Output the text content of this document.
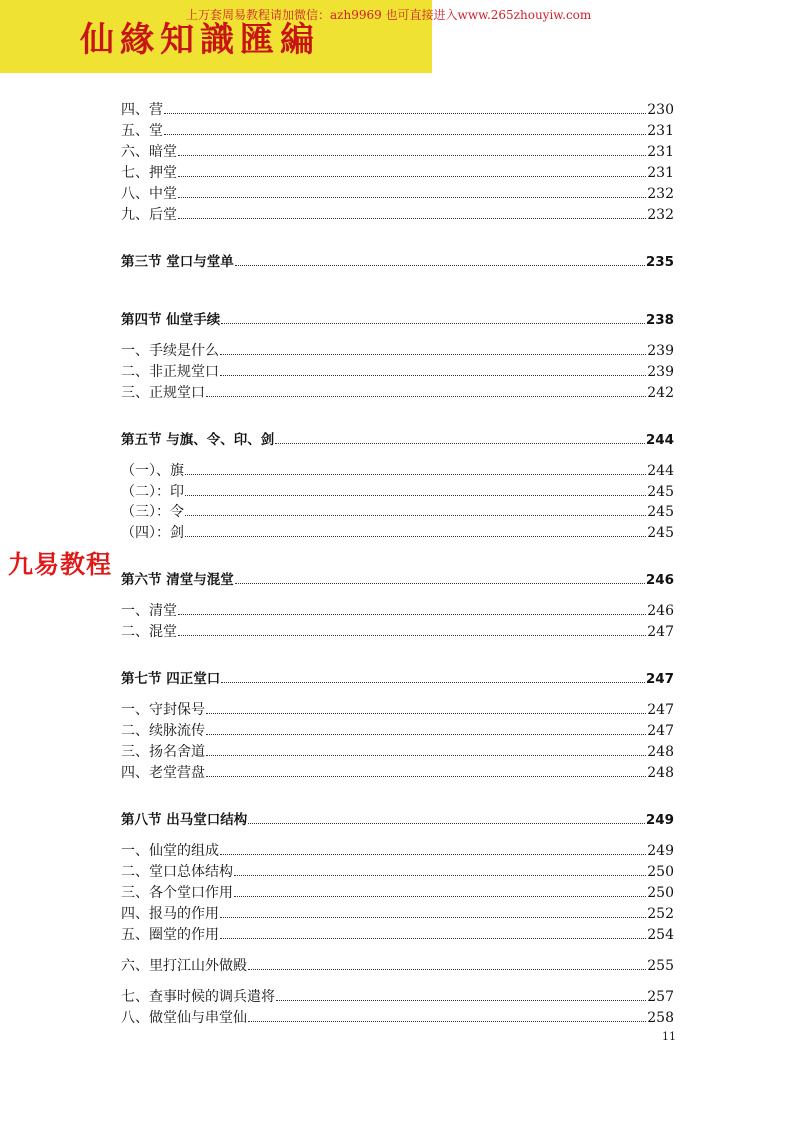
仙緣知識匯編
上万套周易教程请加微信：azh9969 也可直接进入www.265zhouyiw.com
四、营	230
五、堂	231
六、暗堂	231
七、押堂	231
八、中堂	232
九、后堂	232
第三节 堂口与堂单	235
第四节 仙堂手续	238
一、手续是什么	239
二、非正规堂口	239
三、正规堂口	242
第五节 与旗、令、印、剑	244
（一）、旗	244
（二）：印	245
（三）：令	245
（四）：剑	245
第六节 清堂与混堂	246
一、清堂	246
二、混堂	247
第七节 四正堂口	247
一、守封保号	247
二、续脉流传	247
三、扬名舍道	248
四、老堂营盘	248
第八节 出马堂口结构	249
一、仙堂的组成	249
二、堂口总体结构	250
三、各个堂口作用	250
四、报马的作用	252
五、圈堂的作用	254
六、里打江山外做殿	255
七、查事时候的调兵遣将	257
八、做堂仙与串堂仙	258
九易教程
11
